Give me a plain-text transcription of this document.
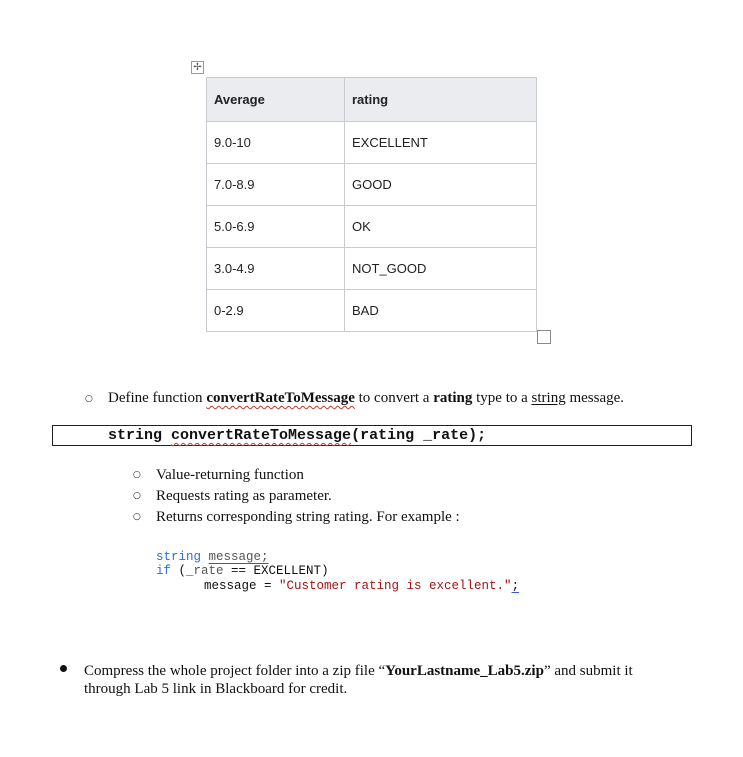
✢
Average	rating
9.0-10	EXCELLENT
7.0-8.9	GOOD
5.0-6.9	OK
3.0-4.9	NOT_GOOD
0-2.9	BAD
○ Define function convertRateToMessage to convert a rating type to a string message.
string convertRateToMessage(rating _rate);
○ Value-returning function
○ Requests rating as parameter.
○ Returns corresponding string rating. For example :
string message;
if (_rate == EXCELLENT)
message = "Customer rating is excellent.";
Compress the whole project folder into a zip file “YourLastname_Lab5.zip” and submit it
through Lab 5 link in Blackboard for credit.
